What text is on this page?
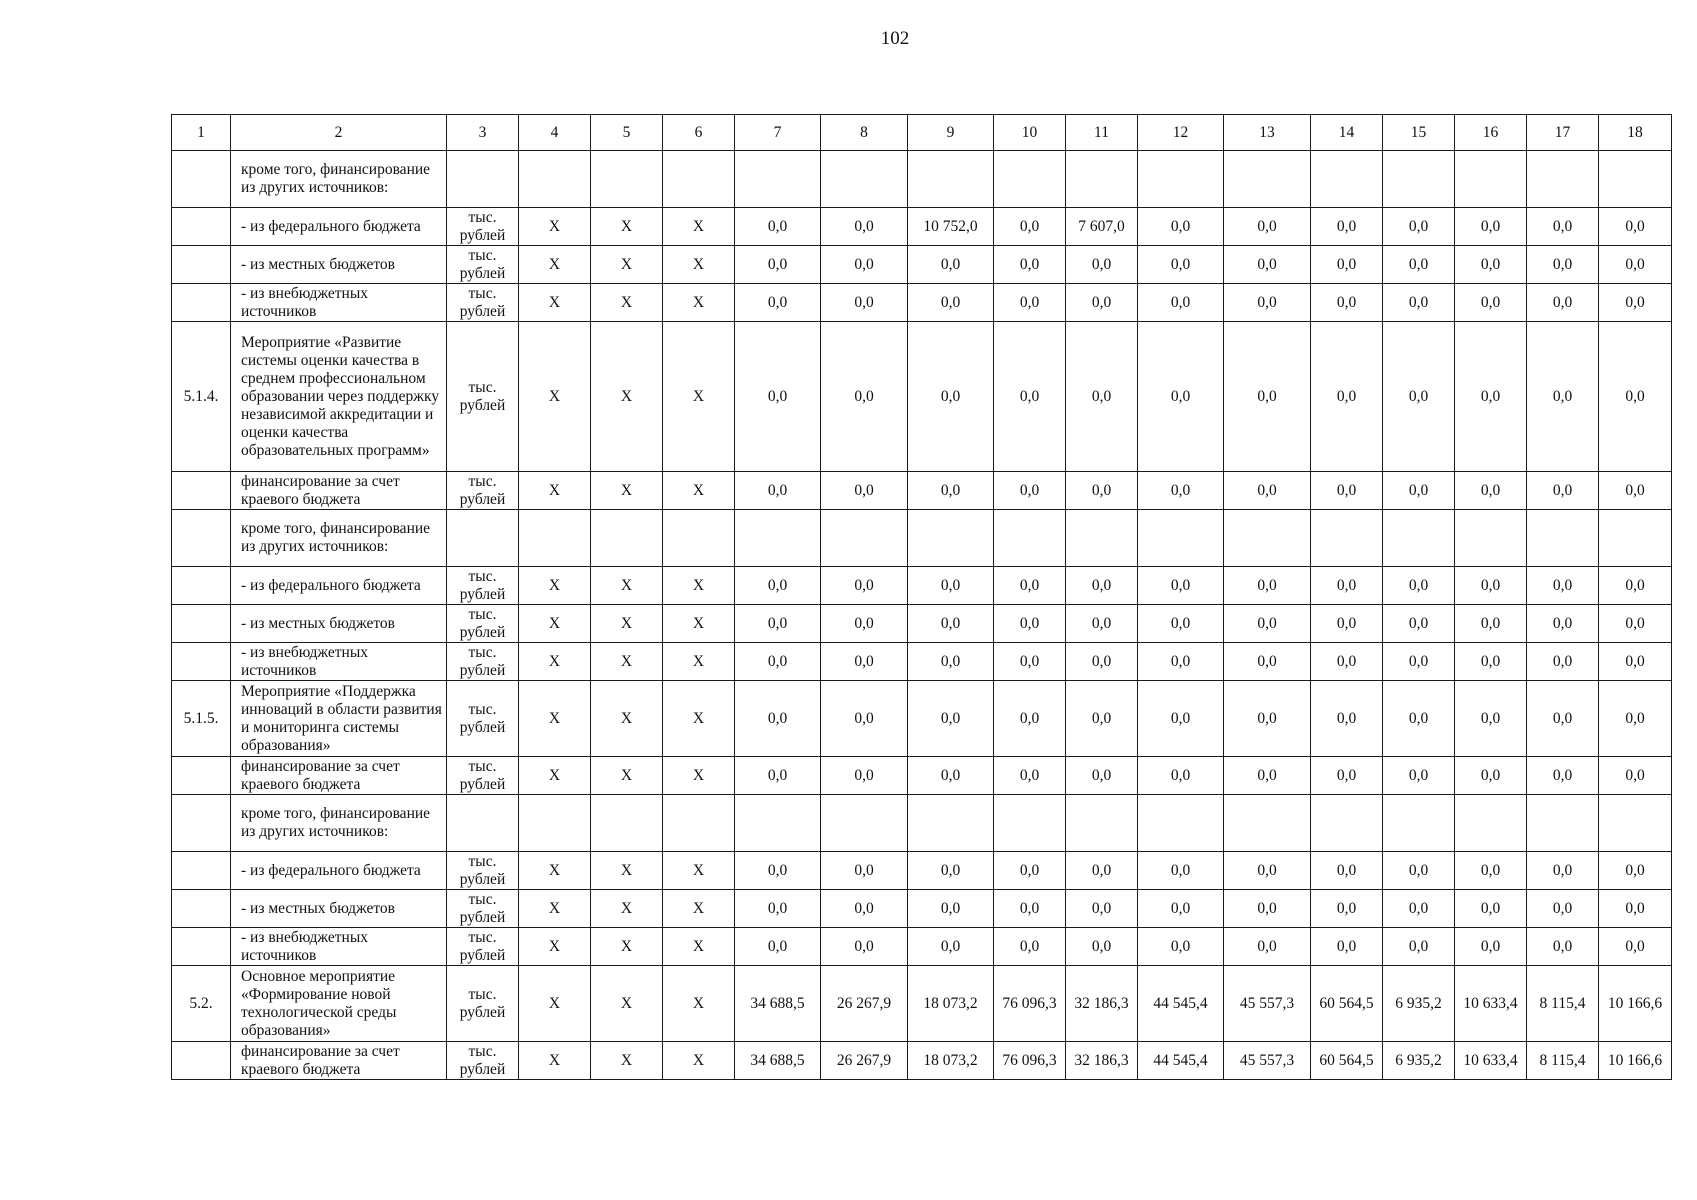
102
1	2	3	4	5	6	7	8	9	10	11	12	13	14	15	16	17	18
	кроме того, финансирование из других источников:																
	- из федерального бюджета	тыс. рублей	Х	Х	Х	0,0	0,0	10 752,0	0,0	7 607,0	0,0	0,0	0,0	0,0	0,0	0,0	0,0
	- из местных бюджетов	тыс. рублей	Х	Х	Х	0,0	0,0	0,0	0,0	0,0	0,0	0,0	0,0	0,0	0,0	0,0	0,0
	- из внебюджетных источников	тыс. рублей	Х	Х	Х	0,0	0,0	0,0	0,0	0,0	0,0	0,0	0,0	0,0	0,0	0,0	0,0
5.1.4.	Мероприятие «Развитие системы оценки качества в среднем профессиональном образовании через поддержку независимой аккредитации и оценки качества образовательных программ»	тыс. рублей	Х	Х	Х	0,0	0,0	0,0	0,0	0,0	0,0	0,0	0,0	0,0	0,0	0,0	0,0
	финансирование за счет краевого бюджета	тыс. рублей	Х	Х	Х	0,0	0,0	0,0	0,0	0,0	0,0	0,0	0,0	0,0	0,0	0,0	0,0
	кроме того, финансирование из других источников:																
	- из федерального бюджета	тыс. рублей	Х	Х	Х	0,0	0,0	0,0	0,0	0,0	0,0	0,0	0,0	0,0	0,0	0,0	0,0
	- из местных бюджетов	тыс. рублей	Х	Х	Х	0,0	0,0	0,0	0,0	0,0	0,0	0,0	0,0	0,0	0,0	0,0	0,0
	- из внебюджетных источников	тыс. рублей	Х	Х	Х	0,0	0,0	0,0	0,0	0,0	0,0	0,0	0,0	0,0	0,0	0,0	0,0
5.1.5.	Мероприятие «Поддержка инноваций в области развития и мониторинга системы образования»	тыс. рублей	Х	Х	Х	0,0	0,0	0,0	0,0	0,0	0,0	0,0	0,0	0,0	0,0	0,0	0,0
	финансирование за счет краевого бюджета	тыс. рублей	Х	Х	Х	0,0	0,0	0,0	0,0	0,0	0,0	0,0	0,0	0,0	0,0	0,0	0,0
	кроме того, финансирование из других источников:																
	- из федерального бюджета	тыс. рублей	Х	Х	Х	0,0	0,0	0,0	0,0	0,0	0,0	0,0	0,0	0,0	0,0	0,0	0,0
	- из местных бюджетов	тыс. рублей	Х	Х	Х	0,0	0,0	0,0	0,0	0,0	0,0	0,0	0,0	0,0	0,0	0,0	0,0
	- из внебюджетных источников	тыс. рублей	Х	Х	Х	0,0	0,0	0,0	0,0	0,0	0,0	0,0	0,0	0,0	0,0	0,0	0,0
5.2.	Основное мероприятие «Формирование новой технологической среды образования»	тыс. рублей	Х	Х	Х	34 688,5	26 267,9	18 073,2	76 096,3	32 186,3	44 545,4	45 557,3	60 564,5	6 935,2	10 633,4	8 115,4	10 166,6
	финансирование за счет краевого бюджета	тыс. рублей	Х	Х	Х	34 688,5	26 267,9	18 073,2	76 096,3	32 186,3	44 545,4	45 557,3	60 564,5	6 935,2	10 633,4	8 115,4	10 166,6
